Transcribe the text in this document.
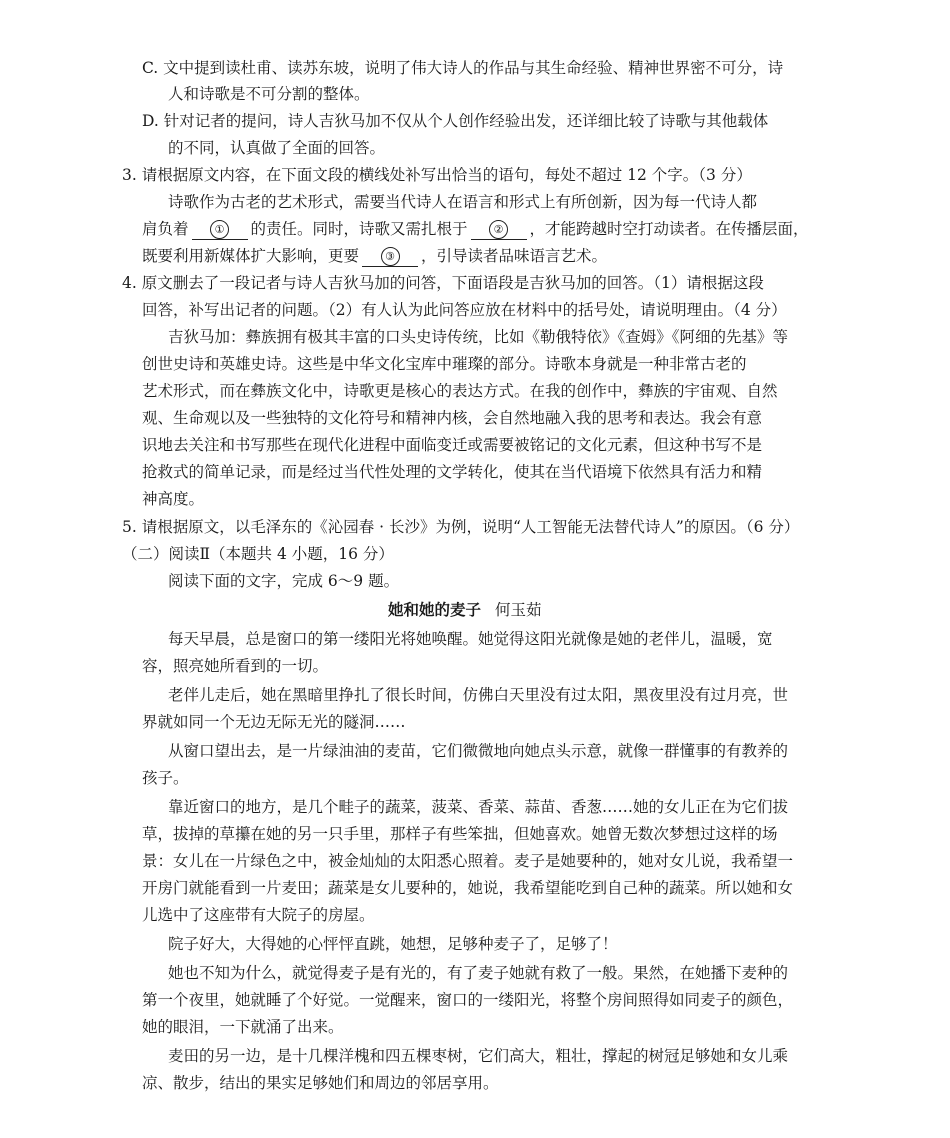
C. 文中提到读杜甫、读苏东坡，说明了伟大诗人的作品与其生命经验、精神世界密不可分，诗
人和诗歌是不可分割的整体。
D. 针对记者的提问，诗人吉狄马加不仅从个人创作经验出发，还详细比较了诗歌与其他载体
的不同，认真做了全面的回答。
3. 请根据原文内容，在下面文段的横线处补写出恰当的语句，每处不超过 12 个字。（3 分）
诗歌作为古老的艺术形式，需要当代诗人在语言和形式上有所创新，因为每一代诗人都
肩负着 ① 的责任。同时，诗歌又需扎根于 ② ，才能跨越时空打动读者。在传播层面，
既要利用新媒体扩大影响，更要 ③ ，引导读者品味语言艺术。
4. 原文删去了一段记者与诗人吉狄马加的问答，下面语段是吉狄马加的回答。（1）请根据这段
回答，补写出记者的问题。（2）有人认为此问答应放在材料中的括号处，请说明理由。（4 分）
吉狄马加：彝族拥有极其丰富的口头史诗传统，比如《勒俄特依》《查姆》《阿细的先基》等
创世史诗和英雄史诗。这些是中华文化宝库中璀璨的部分。诗歌本身就是一种非常古老的
艺术形式，而在彝族文化中，诗歌更是核心的表达方式。在我的创作中，彝族的宇宙观、自然
观、生命观以及一些独特的文化符号和精神内核，会自然地融入我的思考和表达。我会有意
识地去关注和书写那些在现代化进程中面临变迁或需要被铭记的文化元素，但这种书写不是
抢救式的简单记录，而是经过当代性处理的文学转化，使其在当代语境下依然具有活力和精
神高度。
5. 请根据原文，以毛泽东的《沁园春 · 长沙》为例，说明“人工智能无法替代诗人”的原因。（6 分）
（二）阅读Ⅱ（本题共 4 小题，16 分）
阅读下面的文字，完成 6～9 题。
她和她的麦子 何玉茹
每天早晨，总是窗口的第一缕阳光将她唤醒。她觉得这阳光就像是她的老伴儿，温暖，宽
容，照亮她所看到的一切。
老伴儿走后，她在黑暗里挣扎了很长时间，仿佛白天里没有过太阳，黑夜里没有过月亮，世
界就如同一个无边无际无光的隧洞……
从窗口望出去，是一片绿油油的麦苗，它们微微地向她点头示意，就像一群懂事的有教养的
孩子。
靠近窗口的地方，是几个畦子的蔬菜，菠菜、香菜、蒜苗、香葱……她的女儿正在为它们拔
草，拔掉的草攥在她的另一只手里，那样子有些笨拙，但她喜欢。她曾无数次梦想过这样的场
景：女儿在一片绿色之中，被金灿灿的太阳悉心照着。麦子是她要种的，她对女儿说，我希望一
开房门就能看到一片麦田；蔬菜是女儿要种的，她说，我希望能吃到自己种的蔬菜。所以她和女
儿选中了这座带有大院子的房屋。
院子好大，大得她的心怦怦直跳，她想，足够种麦子了，足够了！
她也不知为什么，就觉得麦子是有光的，有了麦子她就有救了一般。果然，在她播下麦种的
第一个夜里，她就睡了个好觉。一觉醒来，窗口的一缕阳光，将整个房间照得如同麦子的颜色，
她的眼泪，一下就涌了出来。
麦田的另一边，是十几棵洋槐和四五棵枣树，它们高大，粗壮，撑起的树冠足够她和女儿乘
凉、散步，结出的果实足够她们和周边的邻居享用。
